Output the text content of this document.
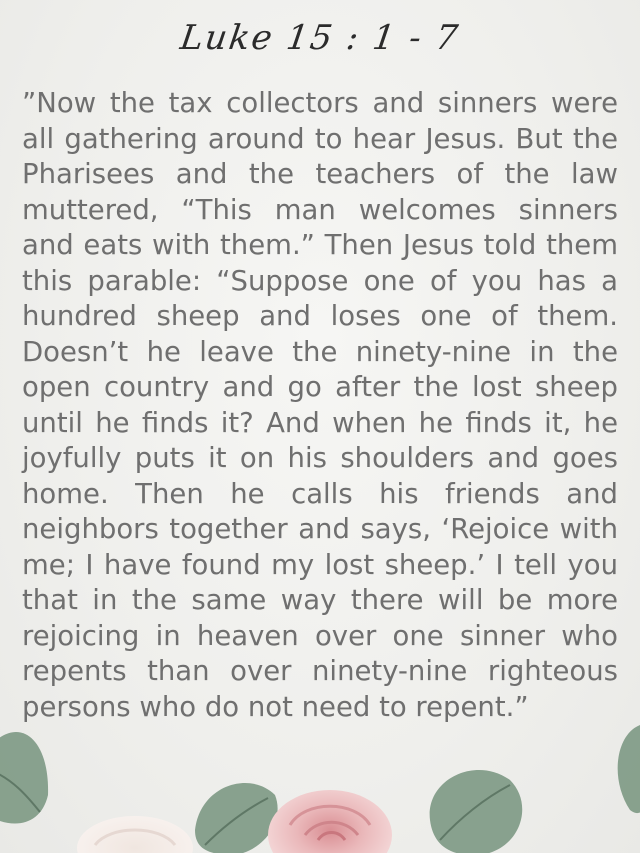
Luke 15 : 1 - 7
”Now the tax collectors and sinners were all gathering around to hear Jesus. But the Pharisees and the teachers of the law muttered, “This man welcomes sinners and eats with them.” Then Jesus told them this parable: “Suppose one of you has a hundred sheep and loses one of them. Doesn’t he leave the ninety-nine in the open country and go after the lost sheep until he finds it? And when he finds it, he joyfully puts it on his shoulders and goes home. Then he calls his friends and neighbors together and says, ‘Rejoice with me; I have found my lost sheep.’ I tell you that in the same way there will be more rejoicing in heaven over one sinner who repents than over ninety-nine righteous persons who do not need to repent.”
